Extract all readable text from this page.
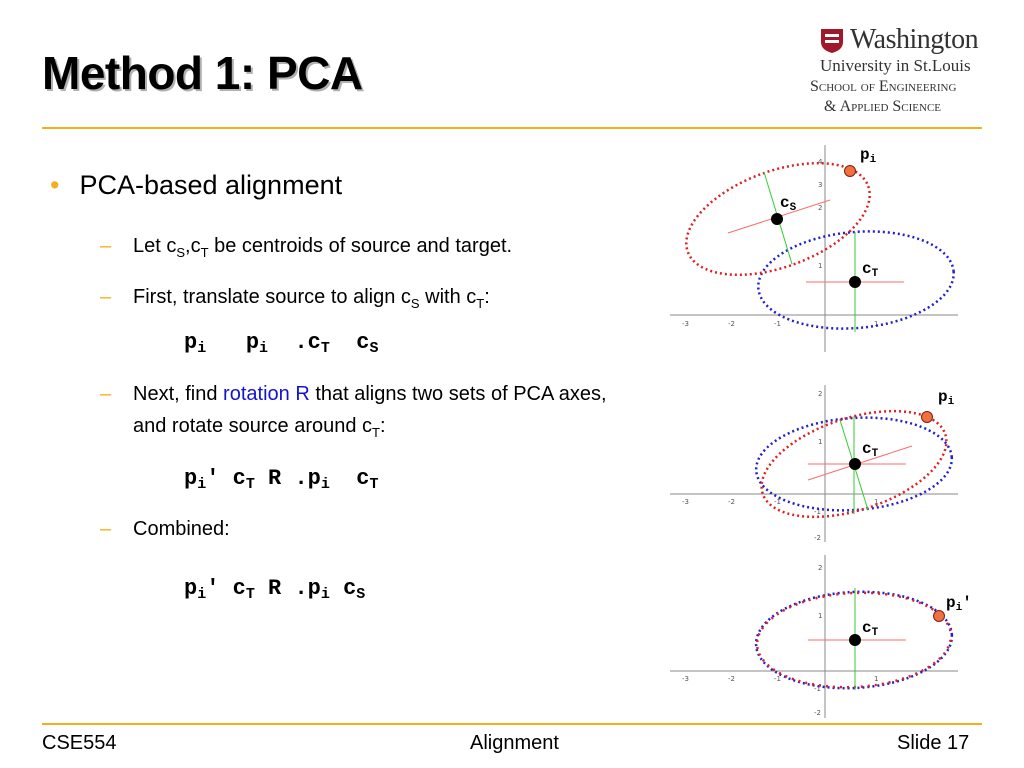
Method 1: PCA
Washington
University in St.Louis
School of Engineering
& Applied Science
• PCA-based alignment
– Let $c_S,c_T$ be centroids of source and target.
– First, translate source to align $c_S$ with $c_T$:
pi pi  .cT cS
– Next, find rotation R that aligns two sets of PCA axes, and rotate source around $c_T$:
pi' cT R .pi cT
– Combined:
pi' cT R .pi cS
-3	-2	-1	1
4
3
2
1
pi
cS
cT
-3	-2	-1	1
2
1
-1
-2
pi
cT
-3	-2	-1	1
2
1
-1
-2
pi'
cT
CSE554	Alignment	Slide 17
